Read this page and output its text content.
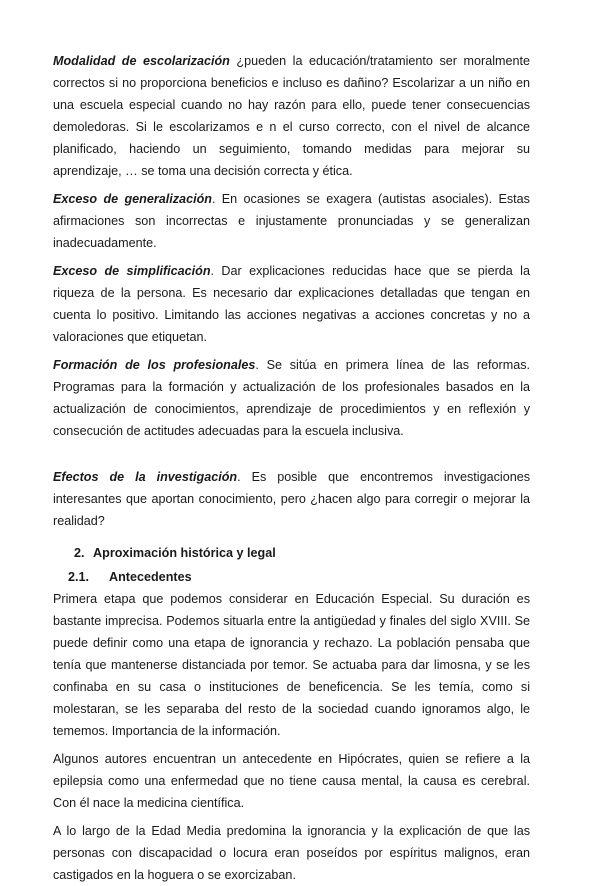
Modalidad de escolarización ¿pueden la educación/tratamiento ser moralmente correctos si no proporciona beneficios e incluso es dañino? Escolarizar a un niño en una escuela especial cuando no hay razón para ello, puede tener consecuencias demoledoras. Si le escolarizamos e n el curso correcto, con el nivel de alcance planificado, haciendo un seguimiento, tomando medidas para mejorar su aprendizaje, … se toma una decisión correcta y ética.

Exceso de generalización. En ocasiones se exagera (autistas asociales). Estas afirmaciones son incorrectas e injustamente pronunciadas y se generalizan inadecuadamente.

Exceso de simplificación. Dar explicaciones reducidas hace que se pierda la riqueza de la persona. Es necesario dar explicaciones detalladas que tengan en cuenta lo positivo. Limitando las acciones negativas a acciones concretas y no a valoraciones que etiquetan.

Formación de los profesionales. Se sitúa en primera línea de las reformas. Programas para la formación y actualización de los profesionales basados en la actualización de conocimientos, aprendizaje de procedimientos y en reflexión y consecución de actitudes adecuadas para la escuela inclusiva.

Efectos de la investigación. Es posible que encontremos investigaciones interesantes que aportan conocimiento, pero ¿hacen algo para corregir o mejorar la realidad?

2. Aproximación histórica y legal
2.1. Antecedentes

Primera etapa que podemos considerar en Educación Especial. Su duración es bastante imprecisa. Podemos situarla entre la antigüedad y finales del siglo XVIII. Se puede definir como una etapa de ignorancia y rechazo. La población pensaba que tenía que mantenerse distanciada por temor. Se actuaba para dar limosna, y se les confinaba en su casa o instituciones de beneficencia. Se les temía, como si molestaran, se les separaba del resto de la sociedad cuando ignoramos algo, le tememos. Importancia de la información.

Algunos autores encuentran un antecedente en Hipócrates, quien se refiere a la epilepsia como una enfermedad que no tiene causa mental, la causa es cerebral. Con él nace la medicina científica.

A lo largo de la Edad Media predomina la ignorancia y la explicación de que las personas con discapacidad o locura eran poseídos por espíritus malignos, eran castigados en la hoguera o se exorcizaban.
